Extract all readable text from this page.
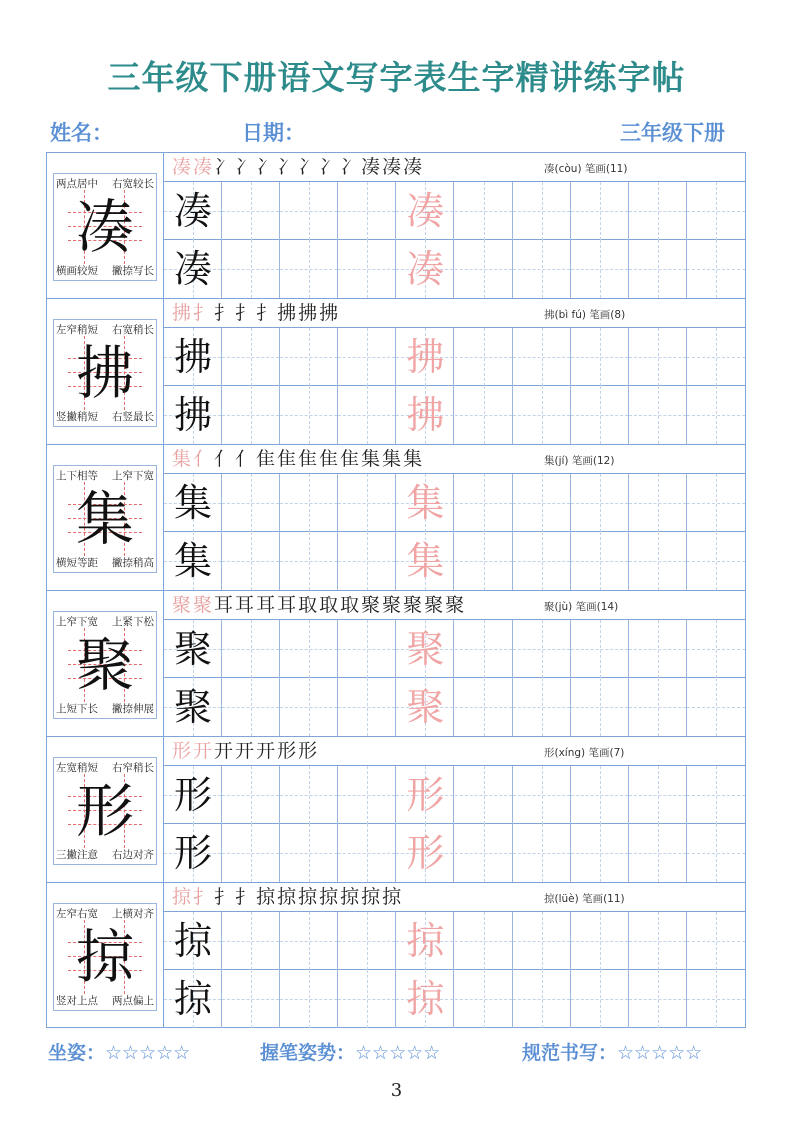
三年级下册语文写字表生字精讲练字帖
姓名：	日期：	三年级下册
凑
两点居中 右宽较长
横画较短 撇捺写长
凑凑冫冫冫冫冫冫冫凑凑凑	凑(còu) 笔画(11)
凑	凑
凑	凑
拂
左窄稍短 右宽稍长
竖撇稍短 右竖最长
拂扌扌扌扌拂拂拂	拂(bì fú) 笔画(8)
拂	拂
拂	拂
集
上下相等 上窄下宽
横短等距 撇捺稍高
集亻亻亻隹隹隹隹隹集集集	集(jí) 笔画(12)
集	集
集	集
聚
上窄下宽 上紧下松
上短下长 撇捺伸展
聚聚耳耳耳耳取取取聚聚聚聚聚	聚(jù) 笔画(14)
聚	聚
聚	聚
形
左宽稍短 右窄稍长
三撇注意 右边对齐
形开开开开形形	形(xíng) 笔画(7)
形	形
形	形
掠
左窄右宽 上横对齐
竖对上点 两点偏上
掠扌扌扌掠掠掠掠掠掠掠	掠(lüè) 笔画(11)
掠	掠
掠	掠
坐姿：☆☆☆☆☆	握笔姿势：☆☆☆☆☆	规范书写：☆☆☆☆☆
3
